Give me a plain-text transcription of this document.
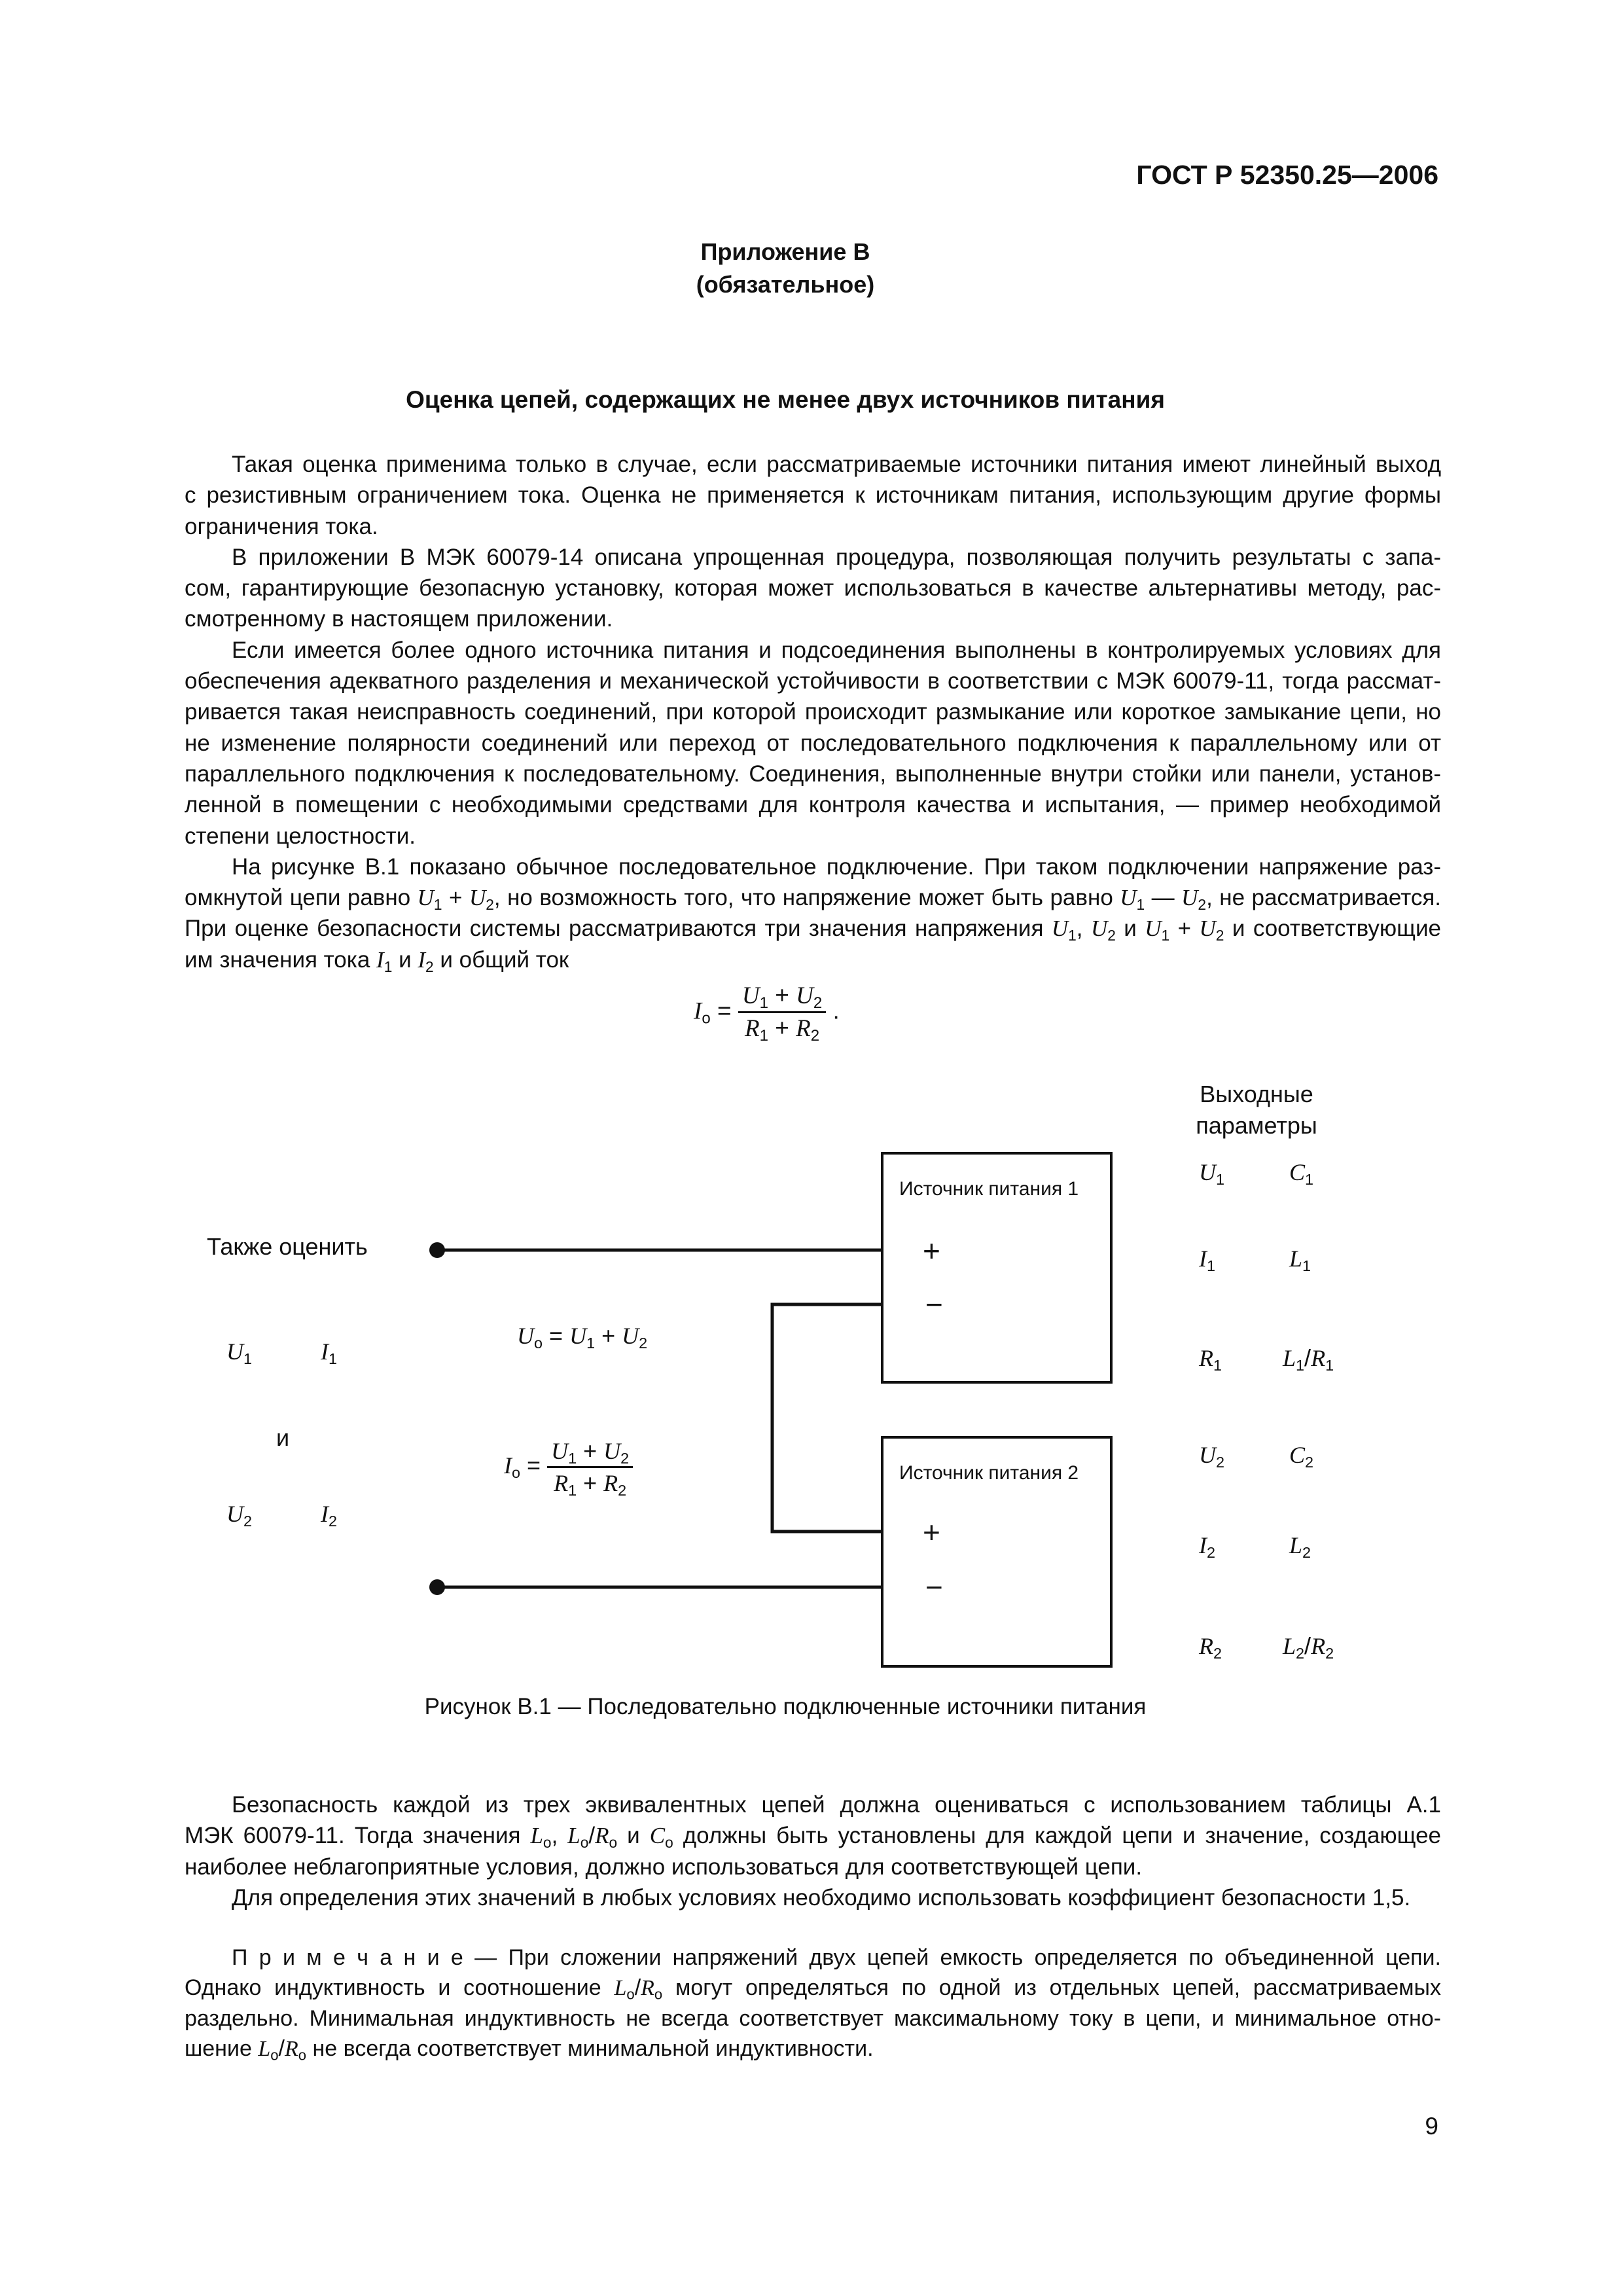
ГОСТ Р 52350.25—2006
Приложение В
(обязательное)
Оценка цепей, содержащих не менее двух источников питания

Такая оценка применима только в случае, если рассматриваемые источники питания имеют линейный выход
с резистивным ограничением тока. Оценка не применяется к источникам питания, использующим другие формы
ограничения тока.

В приложении В МЭК 60079-14 описана упрощенная процедура, позволяющая получить результаты с запа-
сом, гарантирующие безопасную установку, которая может использоваться в качестве альтернативы методу, рас-
смотренному в настоящем приложении.

Если имеется более одного источника питания и подсоединения выполнены в контролируемых условиях для
обеспечения адекватного разделения и механической устойчивости в соответствии с МЭК 60079-11, тогда рассмат-
ривается такая неисправность соединений, при которой происходит размыкание или короткое замыкание цепи, но
не изменение полярности соединений или переход от последовательного подключения к параллельному или от
параллельного подключения к последовательному. Соединения, выполненные внутри стойки или панели, установ-
ленной в помещении с необходимыми средствами для контроля качества и испытания, — пример необходимой
степени целостности.

На рисунке В.1 показано обычное последовательное подключение. При таком подключении напряжение раз-
омкнутой цепи равно $U_1 + U_2$, но возможность того, что напряжение может быть равно $U_1$ — $U_2$, не рассматривается.
При оценке безопасности системы рассматриваются три значения напряжения $U_1$, $U_2$ и $U_1 + U_2$ и соответствующие
им значения тока $I_1$ и $I_2$ и общий ток

$I_o = \frac{U_1 + U_2}{R_1 + R_2}$ .
Источник питания 1
Источник питания 2
+
−
+
−
Также оценить
$U_1$	$I_1$
и
$U_2$	$I_2$
$U_o = U_1 + U_2$
$I_o = \frac{U_1 + U_2}{R_1 + R_2}$
Выходные
параметры
$U_1$	$C_1$
$I_1$	$L_1$
$R_1$	$L_1/R_1$
$U_2$	$C_2$
$I_2$	$L_2$
$R_2$	$L_2/R_2$
Рисунок В.1 — Последовательно подключенные источники питания

Безопасность каждой из трех эквивалентных цепей должна оцениваться с использованием таблицы А.1
МЭК 60079-11. Тогда значения $L_o$, $L_o/R_o$ и $C_o$ должны быть установлены для каждой цепи и значение, создающее
наиболее неблагоприятные условия, должно использоваться для соответствующей цепи.

Для определения этих значений в любых условиях необходимо использовать коэффициент безопасности 1,5.

П р и м е ч а н и е — При сложении напряжений двух цепей емкость определяется по объединенной цепи.
Однако индуктивность и соотношение $L_o/R_o$ могут определяться по одной из отдельных цепей, рассматриваемых
раздельно. Минимальная индуктивность не всегда соответствует максимальному току в цепи, и минимальное отно-
шение $L_o/R_o$ не всегда соответствует минимальной индуктивности.
9
